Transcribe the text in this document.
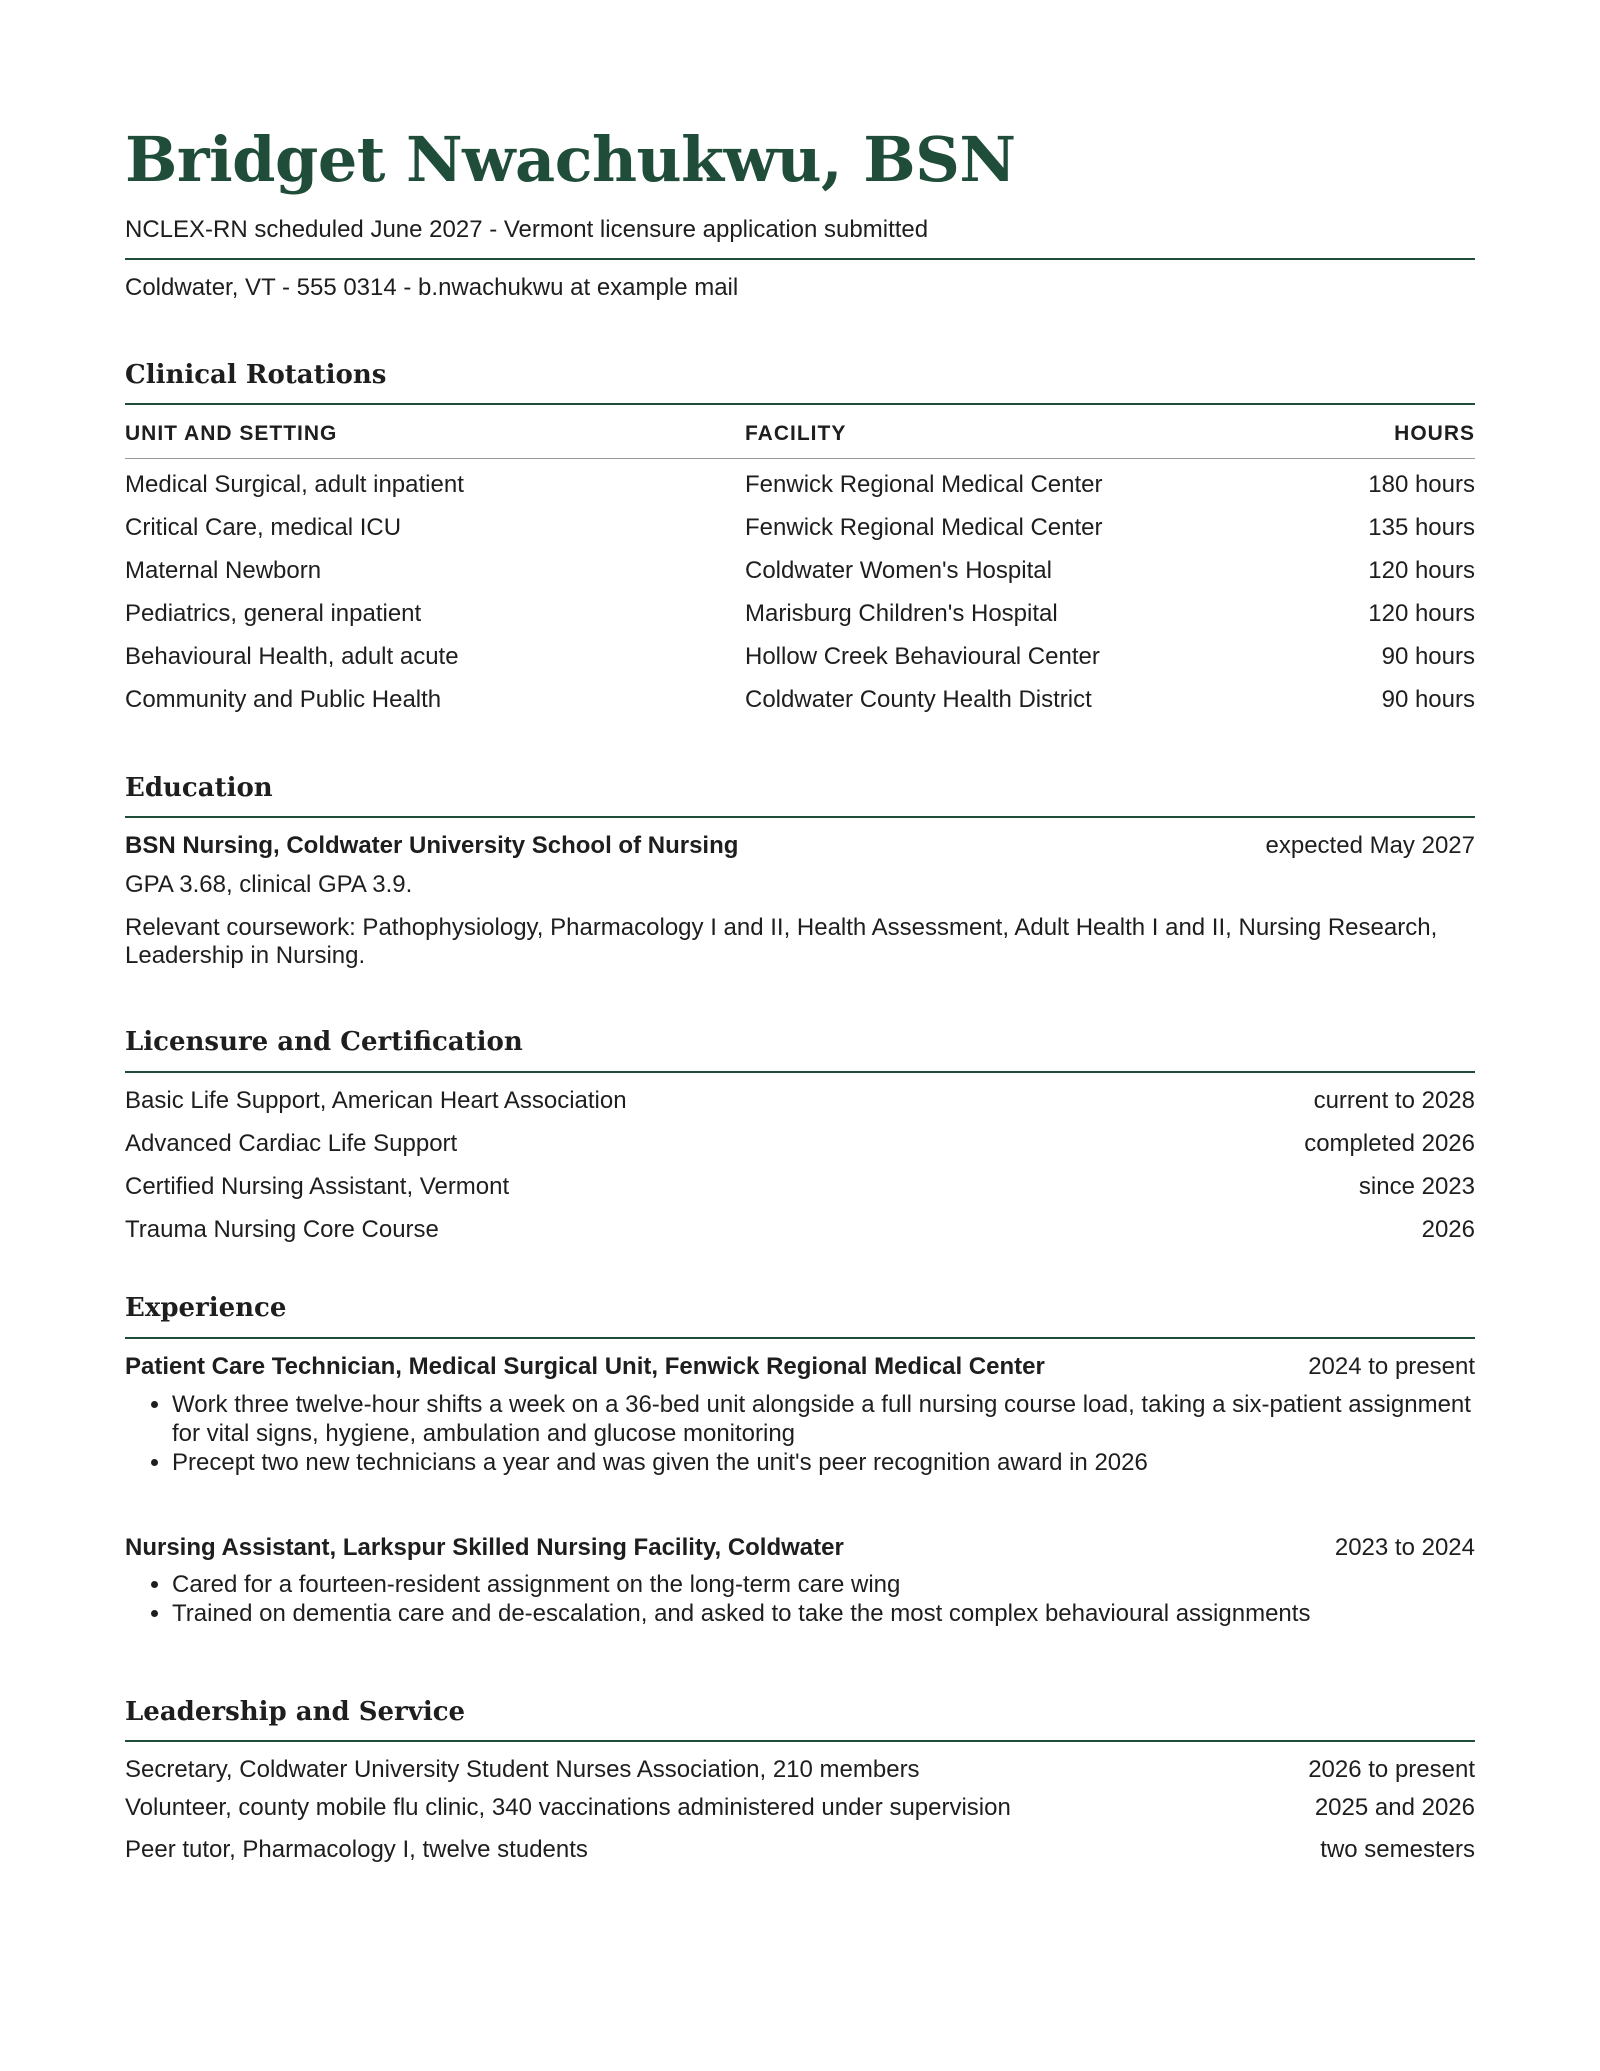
Bridget Nwachukwu, BSN
NCLEX-RN scheduled June 2027 - Vermont licensure application submitted
Coldwater, VT - 555 0314 - b.nwachukwu at example mail
Clinical Rotations
UNIT AND SETTING	FACILITY	HOURS
Medical Surgical, adult inpatient	Fenwick Regional Medical Center	180 hours
Critical Care, medical ICU	Fenwick Regional Medical Center	135 hours
Maternal Newborn	Coldwater Women's Hospital	120 hours
Pediatrics, general inpatient	Marisburg Children's Hospital	120 hours
Behavioural Health, adult acute	Hollow Creek Behavioural Center	90 hours
Community and Public Health	Coldwater County Health District	90 hours
Education
BSN Nursing, Coldwater University School of Nursing	expected May 2027
GPA 3.68, clinical GPA 3.9.
Relevant coursework: Pathophysiology, Pharmacology I and II, Health Assessment, Adult Health I and II, Nursing Research, Leadership in Nursing.
Licensure and Certification
Basic Life Support, American Heart Association	current to 2028
Advanced Cardiac Life Support	completed 2026
Certified Nursing Assistant, Vermont	since 2023
Trauma Nursing Core Course	2026
Experience
Patient Care Technician, Medical Surgical Unit, Fenwick Regional Medical Center	2024 to present
• Work three twelve-hour shifts a week on a 36-bed unit alongside a full nursing course load, taking a six-patient assignment for vital signs, hygiene, ambulation and glucose monitoring
• Precept two new technicians a year and was given the unit's peer recognition award in 2026
Nursing Assistant, Larkspur Skilled Nursing Facility, Coldwater	2023 to 2024
• Cared for a fourteen-resident assignment on the long-term care wing
• Trained on dementia care and de-escalation, and asked to take the most complex behavioural assignments
Leadership and Service
Secretary, Coldwater University Student Nurses Association, 210 members	2026 to present
Volunteer, county mobile flu clinic, 340 vaccinations administered under supervision	2025 and 2026
Peer tutor, Pharmacology I, twelve students	two semesters
